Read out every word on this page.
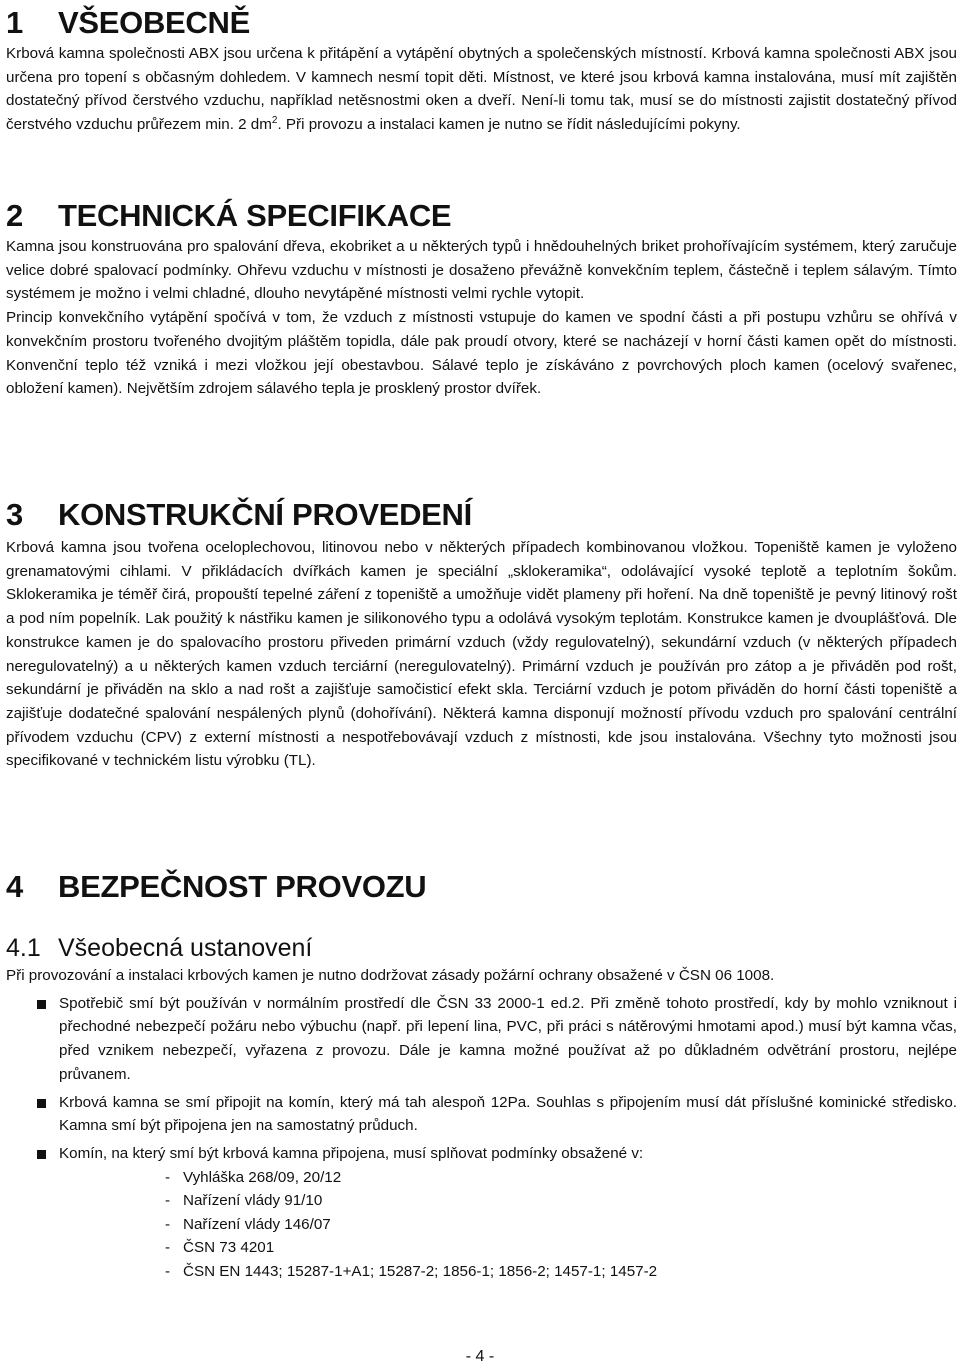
1 VŠEOBECNĚ

Krbová kamna společnosti ABX jsou určena k přitápění a vytápění obytných a společenských místností. Krbová kamna společnosti ABX jsou určena pro topení s občasným dohledem. V kamnech nesmí topit děti. Místnost, ve které jsou krbová kamna instalována, musí mít zajištěn dostatečný přívod čerstvého vzduchu, například netěsnostmi oken a dveří. Není-li tomu tak, musí se do místnosti zajistit dostatečný přívod čerstvého vzduchu průřezem min. 2 $dm^2$. Při provozu a instalaci kamen je nutno se řídit následujícími pokyny.

2 TECHNICKÁ SPECIFIKACE

Kamna jsou konstruována pro spalování dřeva, ekobriket a u některých typů i hnědouhelných briket prohořívajícím systémem, který zaručuje velice dobré spalovací podmínky. Ohřevu vzduchu v místnosti je dosaženo převážně konvekčním teplem, částečně i teplem sálavým. Tímto systémem je možno i velmi chladné, dlouho nevytápěné místnosti velmi rychle vytopit.

Princip konvekčního vytápění spočívá v tom, že vzduch z místnosti vstupuje do kamen ve spodní části a při postupu vzhůru se ohřívá v konvekčním prostoru tvořeného dvojitým pláštěm topidla, dále pak proudí otvory, které se nacházejí v horní části kamen opět do místnosti. Konvenční teplo též vzniká i mezi vložkou její obestavbou. Sálavé teplo je získáváno z povrchových ploch kamen (ocelový svařenec, obložení kamen). Největším zdrojem sálavého tepla je prosklený prostor dvířek.

3 KONSTRUKČNÍ PROVEDENÍ

Krbová kamna jsou tvořena oceloplechovou, litinovou nebo v některých případech kombinovanou vložkou. Topeniště kamen je vyloženo grenamatovými cihlami. V přikládacích dvířkách kamen je speciální „sklokeramika“, odolávající vysoké teplotě a teplotním šokům. Sklokeramika je téměř čirá, propouští tepelné záření z topeniště a umožňuje vidět plameny při hoření. Na dně topeniště je pevný litinový rošt a pod ním popelník. Lak použitý k nástřiku kamen je silikonového typu a odolává vysokým teplotám. Konstrukce kamen je dvouplášťová. Dle konstrukce kamen je do spalovacího prostoru přiveden primární vzduch (vždy regulovatelný), sekundární vzduch (v některých případech neregulovatelný) a u některých kamen vzduch terciární (neregulovatelný). Primární vzduch je používán pro zátop a je přiváděn pod rošt, sekundární je přiváděn na sklo a nad rošt a zajišťuje samočisticí efekt skla. Terciární vzduch je potom přiváděn do horní části topeniště a zajišťuje dodatečné spalování nespálených plynů (dohořívání). Některá kamna disponují možností přívodu vzduch pro spalování centrální přívodem vzduchu (CPV) z externí místnosti a nespotřebovávají vzduch z místnosti, kde jsou instalována. Všechny tyto možnosti jsou specifikované v technickém listu výrobku (TL).

4 BEZPEČNOST PROVOZU
4.1 Všeobecná ustanovení

Při provozování a instalaci krbových kamen je nutno dodržovat zásady požární ochrany obsažené v ČSN 06 1008.

Spotřebič smí být používán v normálním prostředí dle ČSN 33 2000-1 ed.2. Při změně tohoto prostředí, kdy by mohlo vzniknout i přechodné nebezpečí požáru nebo výbuchu (např. při lepení lina, PVC, při práci s nátěrovými hmotami apod.) musí být kamna včas, před vznikem nebezpečí, vyřazena z provozu. Dále je kamna možné používat až po důkladném odvětrání prostoru, nejlépe průvanem.
Krbová kamna se smí připojit na komín, který má tah alespoň 12Pa. Souhlas s připojením musí dát příslušné kominické středisko. Kamna smí být připojena jen na samostatný průduch.
Komín, na který smí být krbová kamna připojena, musí splňovat podmínky obsažené v:
- Vyhláška 268/09, 20/12
- Nařízení vlády 91/10
- Nařízení vlády 146/07
- ČSN 73 4201
- ČSN EN 1443; 15287-1+A1; 15287-2; 1856-1; 1856-2; 1457-1; 1457-2
- 4 -
